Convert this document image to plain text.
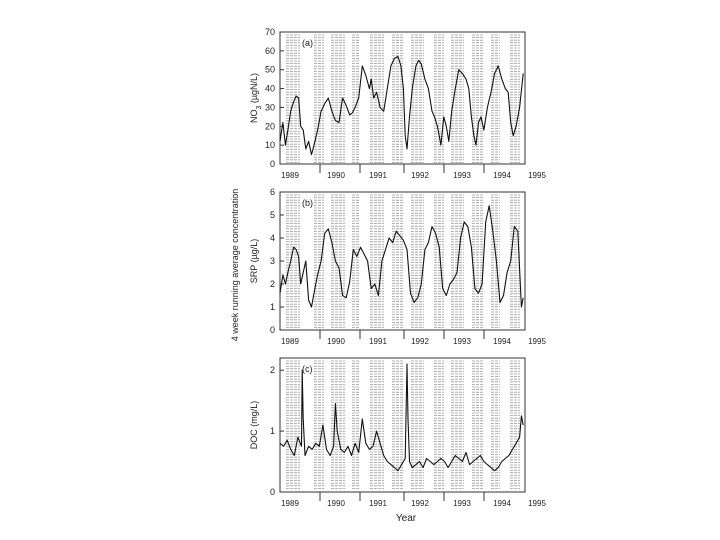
4 week running average concentration
Year
0
10
20
30
40
50
60
70
$NO_3$ (µgN/L)
(a)
1989	1990	1991	1992	1993	1994 1995
0
1
2
3
4
5
6
SRP (µg/L)
(b)
1989	1990	1991	1992	1993	1994 1995
0
1
2
DOC (mg/L)
(c)
1989	1990	1991	1992	1993	1994 1995
